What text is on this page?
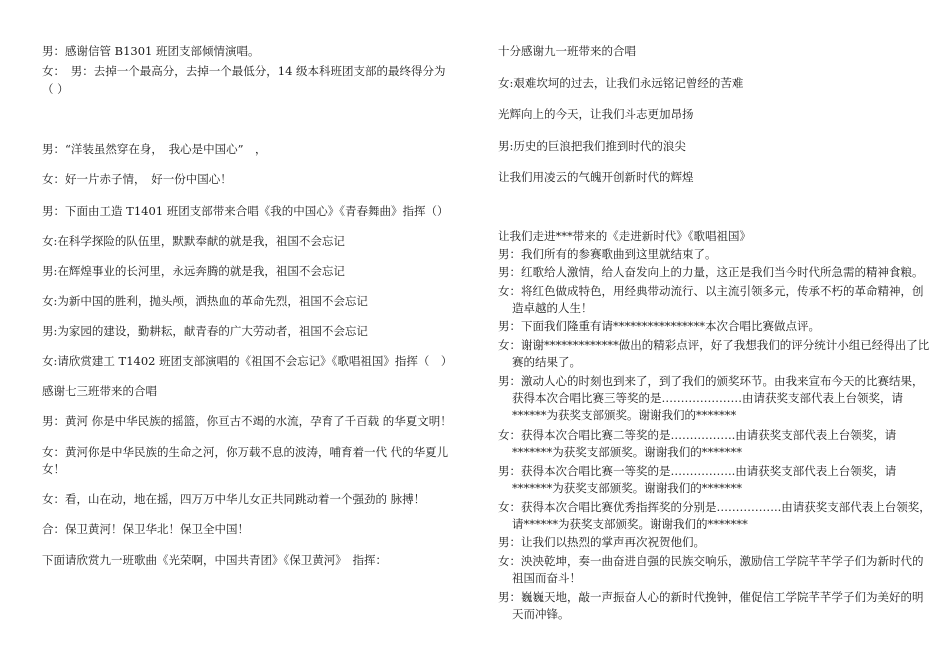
男：感谢信管 B1301 班团支部倾情演唱。
女：　男：去掉一个最高分，去掉一个最低分，14 级本科班团支部的最终得分为（ ）
男：“洋装虽然穿在身，　我心是中国心”　，
女：好一片赤子情，　好一份中国心！
男：下面由工造 T1401 班团支部带来合唱《我的中国心》《青春舞曲》指挥（）
女:在科学探险的队伍里，默默奉献的就是我，祖国不会忘记
男:在辉煌事业的长河里，永远奔腾的就是我，祖国不会忘记
女:为新中国的胜利，抛头颅，洒热血的革命先烈，祖国不会忘记
男:为家园的建设，勤耕耘，献青春的广大劳动者，祖国不会忘记
女:请欣赏建工 T1402 班团支部演唱的《祖国不会忘记》《歌唱祖国》指挥（　）
感谢七三班带来的合唱
男：黄河 你是中华民族的摇篮，你亘古不竭的水流，孕育了千百载 的华夏文明！
女：黄河你是中华民族的生命之河，你万载不息的波涛，哺育着一代 代的华夏儿女！
女：看，山在动，地在摇，四万万中华儿女正共同跳动着一个强劲的 脉搏！
合：保卫黄河！保卫华北！保卫全中国！
下面请欣赏九一班歌曲《光荣啊，中国共青团》《保卫黄河》　指挥：
十分感谢九一班带来的合唱
女:艰难坎坷的过去，让我们永远铭记曾经的苦难
光辉向上的今天，让我们斗志更加昂扬
男:历史的巨浪把我们推到时代的浪尖
让我们用凌云的气魄开创新时代的辉煌
让我们走进***带来的《走进新时代》《歌唱祖国》
男：我们所有的参赛歌曲到这里就结束了。
男：红歌给人激情，给人奋发向上的力量，这正是我们当今时代所急需的精神食粮。
女：将红色做成特色，用经典带动流行、以主流引领多元，传承不朽的革命精神，创造卓越的人生！
男：下面我们隆重有请****************本次合唱比赛做点评。
女：谢谢*************做出的精彩点评，好了我想我们的评分统计小组已经得出了比赛的结果了。
男：激动人心的时刻也到来了，到了我们的颁奖环节。由我来宣布今天的比赛结果，获得本次合唱比赛三等奖的是…………………由请获奖支部代表上台领奖，请******为获奖支部颁奖。谢谢我们的*******
女：获得本次合唱比赛二等奖的是……………..由请获奖支部代表上台领奖，请*******为获奖支部颁奖。谢谢我们的*******
男：获得本次合唱比赛一等奖的是……………..由请获奖支部代表上台领奖，请*******为获奖支部颁奖。谢谢我们的*******
女：获得本次合唱比赛优秀指挥奖的分别是……………..由请获奖支部代表上台领奖，请******为获奖支部颁奖。谢谢我们的*******
男：让我们以热烈的掌声再次祝贺他们。
女：泱泱乾坤，奏一曲奋进自强的民族交响乐，激励信工学院芊芊学子们为新时代的祖国而奋斗！
男：巍巍天地，敲一声振奋人心的新时代挽钟，催促信工学院芊芊学子们为美好的明天而冲锋。
